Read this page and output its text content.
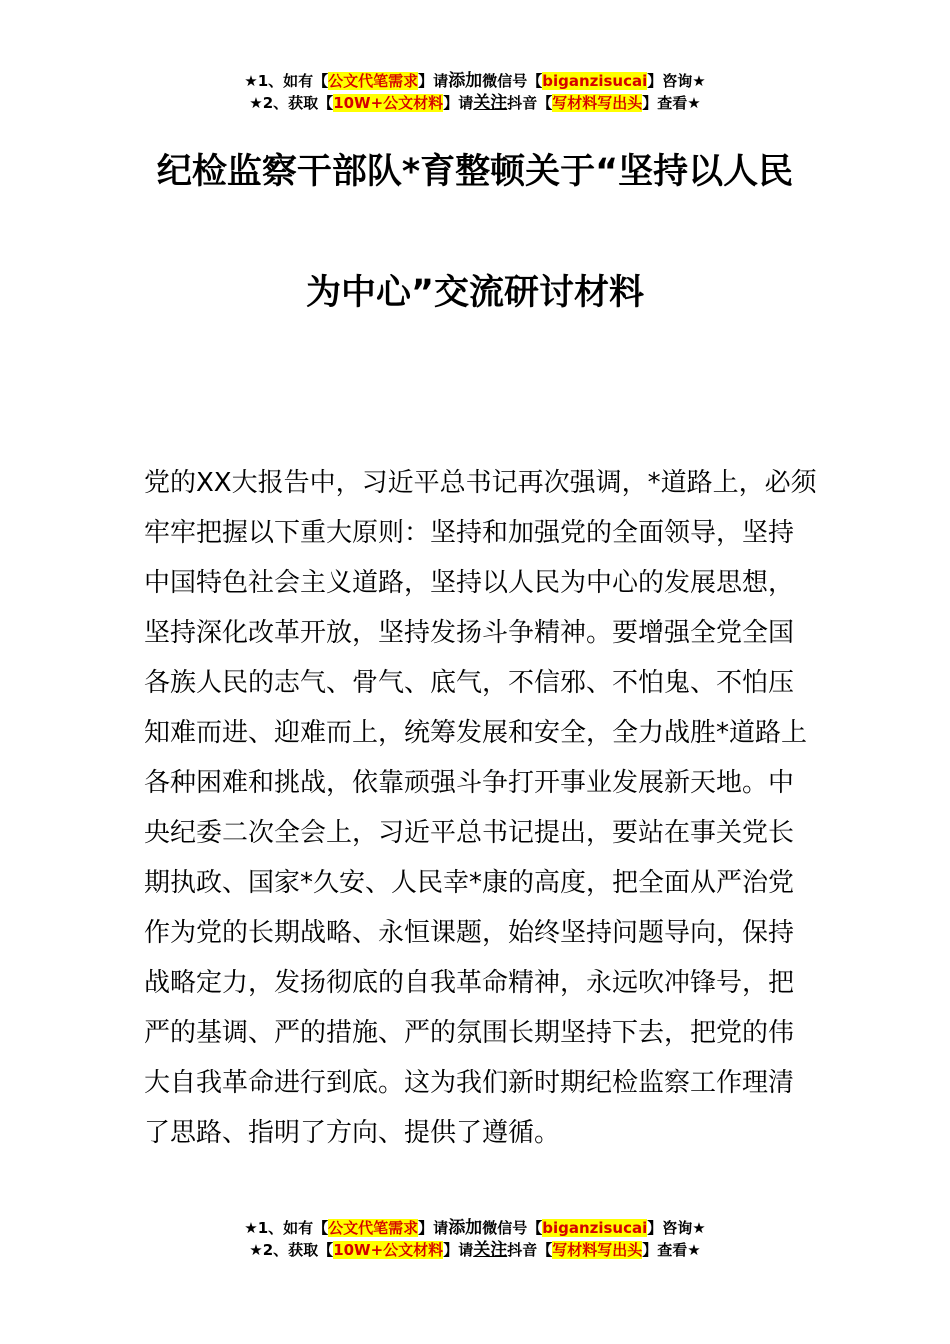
★1、如有【公文代笔需求】请添加微信号【biganzisucai】咨询★
★2、获取【10W+公文材料】请关注抖音【写材料写出头】查看★
纪检监察干部队*育整顿关于“坚持以人民
为中心”交流研讨材料
党的XX大报告中，习近平总书记再次强调，*道路上，必须
牢牢把握以下重大原则：坚持和加强党的全面领导，坚持
中国特色社会主义道路，坚持以人民为中心的发展思想，
坚持深化改革开放，坚持发扬斗争精神。要增强全党全国
各族人民的志气、骨气、底气，不信邪、不怕鬼、不怕压
知难而进、迎难而上，统筹发展和安全，全力战胜*道路上
各种困难和挑战，依靠顽强斗争打开事业发展新天地。中
央纪委二次全会上，习近平总书记提出，要站在事关党长
期执政、国家*久安、人民幸*康的高度，把全面从严治党
作为党的长期战略、永恒课题，始终坚持问题导向，保持
战略定力，发扬彻底的自我革命精神，永远吹冲锋号，把
严的基调、严的措施、严的氛围长期坚持下去，把党的伟
大自我革命进行到底。这为我们新时期纪检监察工作理清
了思路、指明了方向、提供了遵循。
★1、如有【公文代笔需求】请添加微信号【biganzisucai】咨询★
★2、获取【10W+公文材料】请关注抖音【写材料写出头】查看★
